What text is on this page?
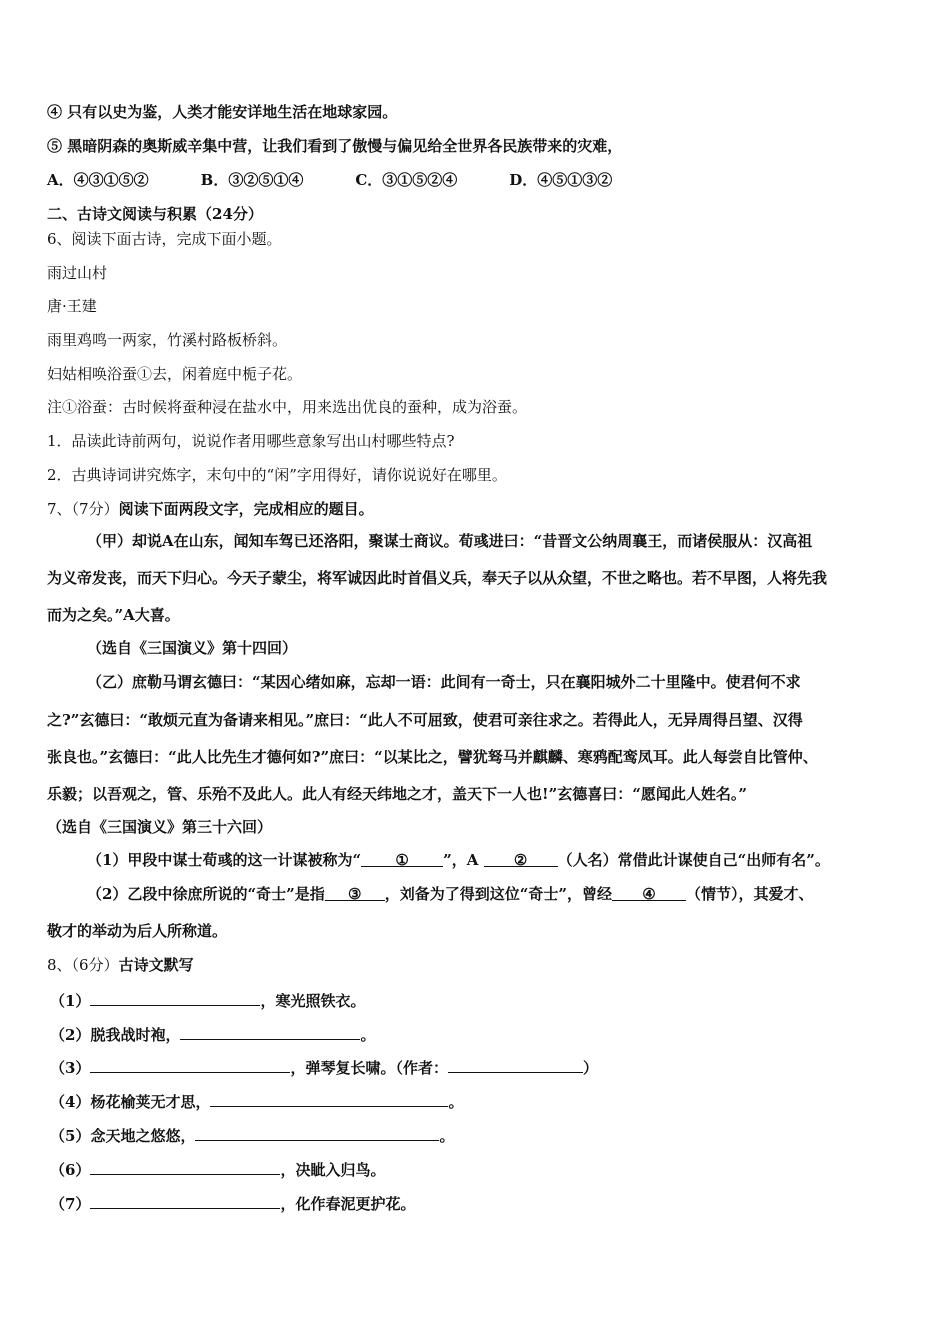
④ 只有以史为鉴，人类才能安详地生活在地球家园。
⑤ 黑暗阴森的奥斯威辛集中营，让我们看到了傲慢与偏见给全世界各民族带来的灾难，
A．④③①⑤②	B．③②⑤①④	C．③①⑤②④	D．④⑤①③②
二、古诗文阅读与积累（24分）
6、阅读下面古诗，完成下面小题。
雨过山村
唐·王建
雨里鸡鸣一两家，竹溪村路板桥斜。
妇姑相唤浴蚕①去，闲着庭中栀子花。
注①浴蚕：古时候将蚕种浸在盐水中，用来选出优良的蚕种，成为浴蚕。
1．品读此诗前两句，说说作者用哪些意象写出山村哪些特点?
2．古典诗词讲究炼字，末句中的“闲”字用得好，请你说说好在哪里。
7、（7分）阅读下面两段文字，完成相应的题目。
（甲）却说A在山东，闻知车驾已还洛阳，聚谋士商议。荀彧进曰：“昔晋文公纳周襄王，而诸侯服从：汉高祖
为义帝发丧，而天下归心。今天子蒙尘，将军诚因此时首倡义兵，奉天子以从众望，不世之略也。若不早图，人将先我
而为之矣。”A大喜。
（选自《三国演义》第十四回）
（乙）庶勒马谓玄德曰：“某因心绪如麻，忘却一语：此间有一奇士，只在襄阳城外二十里隆中。使君何不求
之?”玄德曰：“敢烦元直为备请来相见。”庶曰：“此人不可屈致，使君可亲往求之。若得此人，无异周得吕望、汉得
张良也。”玄德曰：“此人比先生才德何如?”庶曰：“以某比之，譬犹驽马并麒麟、寒鸦配鸾凤耳。此人每尝自比管仲、
乐毅；以吾观之，管、乐殆不及此人。此人有经天纬地之才，盖天下一人也!”玄德喜曰：“愿闻此人姓名。”
（选自《三国演义》第三十六回）
（1）甲段中谋士荀彧的这一计谋被称为“ ① ”，A ② （人名）常借此计谋使自己“出师有名”。
（2）乙段中徐庶所说的“奇士”是指 ③ ，刘备为了得到这位“奇士”，曾经 ④ （情节），其爱才、
敬才的举动为后人所称道。
8、（6分）古诗文默写
（1）	，寒光照铁衣。
（2）脱我战时袍，	。
（3）	，弹琴复长啸。（作者：	）
（4）杨花榆荚无才思，	。
（5）念天地之悠悠，	。
（6）	，决眦入归鸟。
（7）	，化作春泥更护花。
